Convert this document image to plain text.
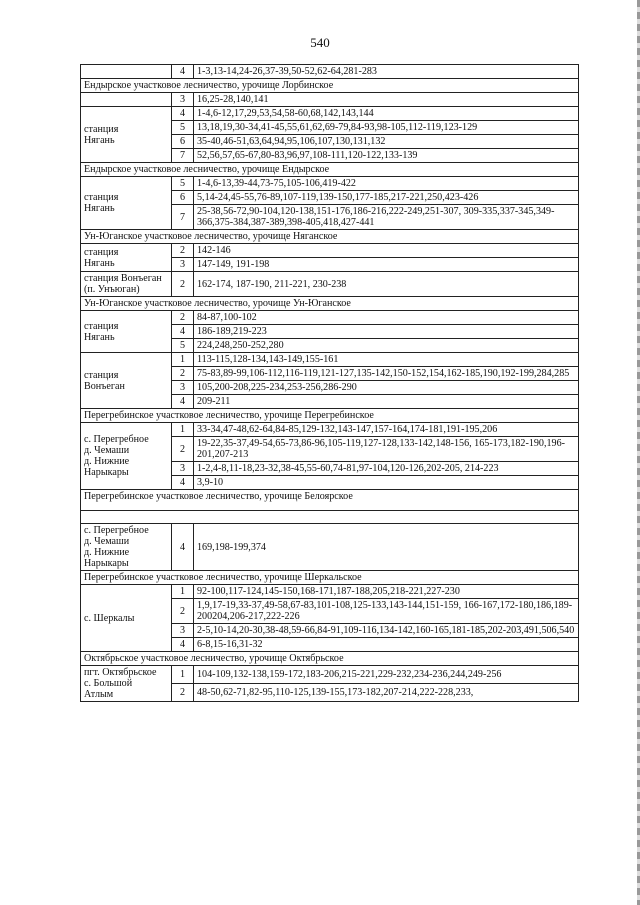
540
	4	1-3,13-14,24-26,37-39,50-52,62-64,281-283
Ендырское участковое лесничество, урочище Лорбинское		
	3	16,25-28,140,141
станция
Нягань	4	1-4,6-12,17,29,53,54,58-60,68,142,143,144
	5	13,18,19,30-34,41-45,55,61,62,69-79,84-93,98-105,112-119,123-129
	6	35-40,46-51,63,64,94,95,106,107,130,131,132
	7	52,56,57,65-67,80-83,96,97,108-111,120-122,133-139
Ендырское участковое лесничество, урочище Ендырское		
станция
Нягань	5	1-4,6-13,39-44,73-75,105-106,419-422
	6	5,14-24,45-55,76-89,107-119,139-150,177-185,217-221,250,423-426
	7	25-38,56-72,90-104,120-138,151-176,186-216,222-249,251-307, 309-335,337-345,349-366,375-384,387-389,398-405,418,427-441
Ун-Юганское участковое лесничество, урочище Няганское		
станция
Нягань	2	142-146
	3	147-149, 191-198
станция Вонъеган
(п. Унъюган)	2	162-174, 187-190, 211-221, 230-238
Ун-Юганское участковое лесничество, урочище Ун-Юганское		
станция
Нягань	2	84-87,100-102
	4	186-189,219-223
	5	224,248,250-252,280
станция
Вонъеган	1	113-115,128-134,143-149,155-161
	2	75-83,89-99,106-112,116-119,121-127,135-142,150-152,154,162-185,190,192-199,284,285
	3	105,200-208,225-234,253-256,286-290
	4	209-211
Перегребинское участковое лесничество, урочище Перегребинское		
с. Перегребное
д. Чемаши
д. Нижние
Нарыкары	1	33-34,47-48,62-64,84-85,129-132,143-147,157-164,174-181,191-195,206
	2	19-22,35-37,49-54,65-73,86-96,105-119,127-128,133-142,148-156, 165-173,182-190,196-201,207-213
	3	1-2,4-8,11-18,23-32,38-45,55-60,74-81,97-104,120-126,202-205, 214-223
	4	3,9-10
Перегребинское участковое лесничество, урочище Белоярское		

с. Перегребное
д. Чемаши
д. Нижние
Нарыкары	4	169,198-199,374
Перегребинское участковое лесничество, урочище Шеркальское		
с. Шеркалы	1	92-100,117-124,145-150,168-171,187-188,205,218-221,227-230
	2	1,9,17-19,33-37,49-58,67-83,101-108,125-133,143-144,151-159, 166-167,172-180,186,189-200204,206-217,222-226
	3	2-5,10-14,20-30,38-48,59-66,84-91,109-116,134-142,160-165,181-185,202-203,491,506,540
	4	6-8,15-16,31-32
Октябрьское участковое лесничество, урочище Октябрьское		
пгт. Октябрьское
с. Большой
Атлым	1	104-109,132-138,159-172,183-206,215-221,229-232,234-236,244,249-256
	2	48-50,62-71,82-95,110-125,139-155,173-182,207-214,222-228,233,
